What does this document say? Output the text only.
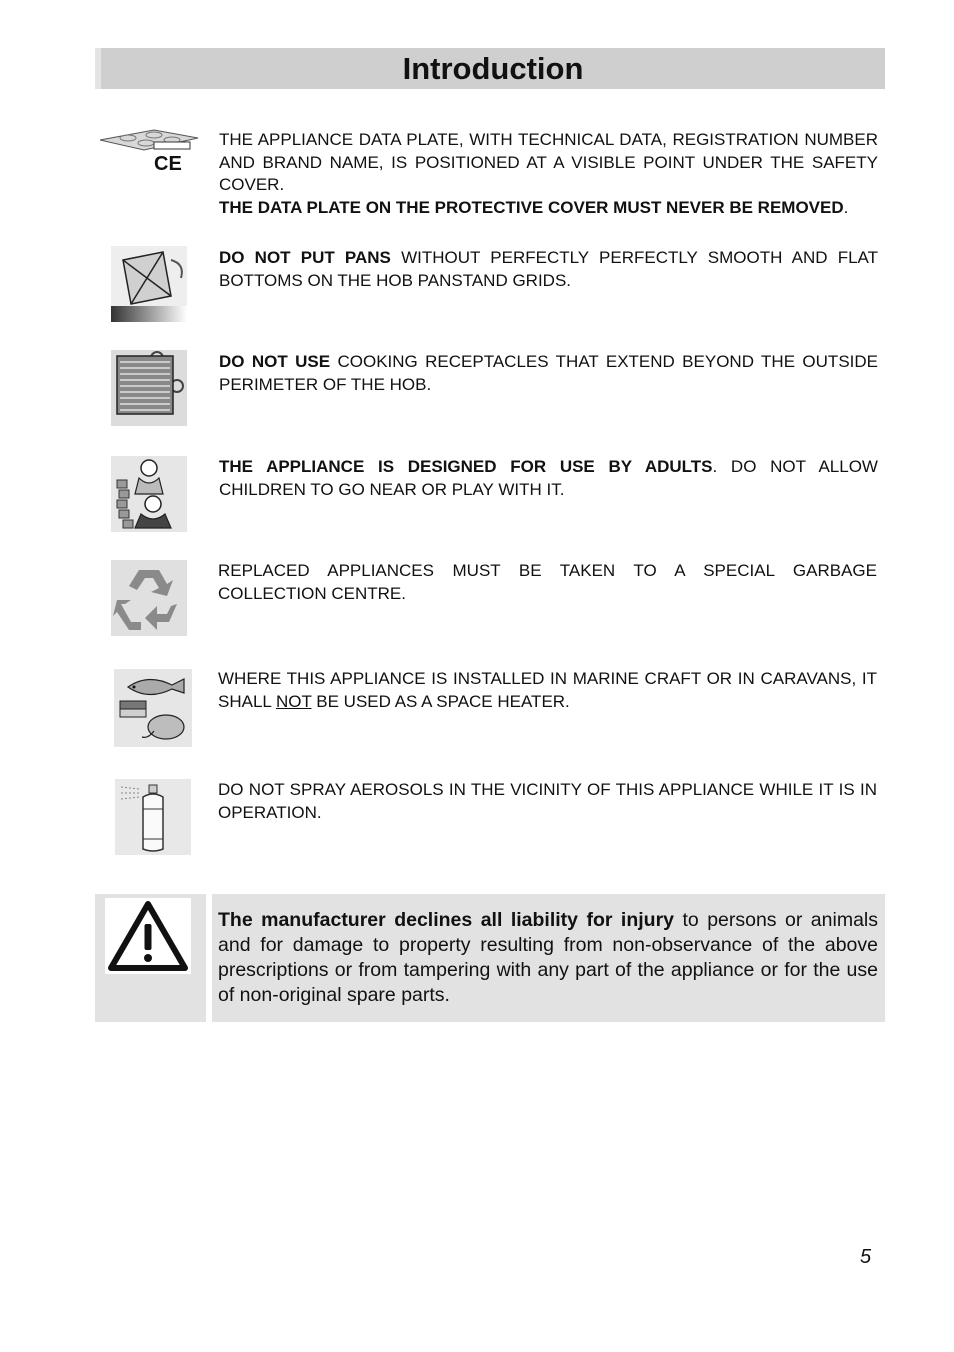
Introduction
CE
THE APPLIANCE DATA PLATE, WITH TECHNICAL DATA, REGISTRATION NUMBER AND BRAND NAME, IS POSITIONED AT A VISIBLE POINT UNDER THE SAFETY COVER.
THE DATA PLATE ON THE PROTECTIVE COVER MUST NEVER BE REMOVED.
DO NOT PUT PANS WITHOUT PERFECTLY PERFECTLY SMOOTH AND FLAT BOTTOMS ON THE HOB PANSTAND GRIDS.
DO NOT USE COOKING RECEPTACLES THAT EXTEND BEYOND THE OUTSIDE PERIMETER OF THE HOB.
THE APPLIANCE IS DESIGNED FOR USE BY ADULTS. DO NOT ALLOW CHILDREN TO GO NEAR OR PLAY WITH IT.
REPLACED APPLIANCES MUST BE TAKEN TO A SPECIAL GARBAGE COLLECTION CENTRE.
WHERE THIS APPLIANCE IS INSTALLED IN MARINE CRAFT OR IN CARAVANS, IT SHALL NOT BE USED AS A SPACE HEATER.
DO NOT SPRAY AEROSOLS IN THE VICINITY OF THIS APPLIANCE WHILE IT IS IN OPERATION.
The manufacturer declines all liability for injury to persons or animals and for damage to property resulting from non-observance of the above prescriptions or from tampering with any part of the appliance or for the use of non-original spare parts.
5
